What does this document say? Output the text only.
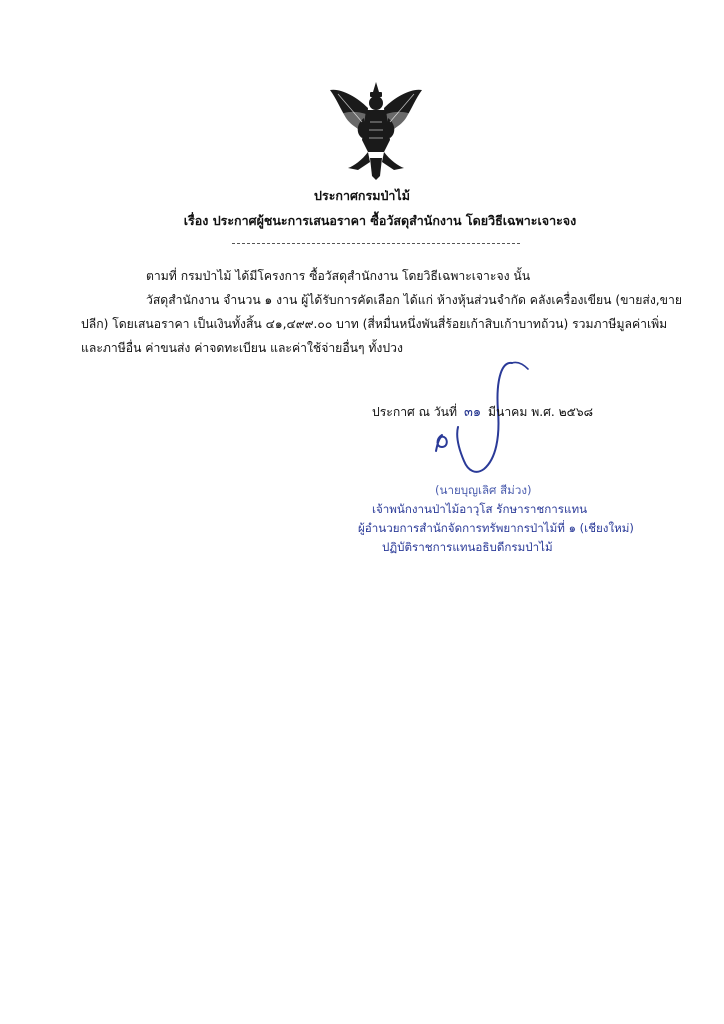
ประกาศกรมป่าไม้
เรื่อง ประกาศผู้ชนะการเสนอราคา ซื้อวัสดุสำนักงาน โดยวิธีเฉพาะเจาะจง
ตามที่ กรมป่าไม้ ได้มีโครงการ ซื้อวัสดุสำนักงาน โดยวิธีเฉพาะเจาะจง นั้น
วัสดุสำนักงาน จำนวน ๑ งาน ผู้ได้รับการคัดเลือก ได้แก่ ห้างหุ้นส่วนจำกัด คลังเครื่องเขียน (ขายส่ง,ขาย
ปลีก) โดยเสนอราคา เป็นเงินทั้งสิ้น ๔๑,๔๙๙.๐๐ บาท (สี่หมื่นหนึ่งพันสี่ร้อยเก้าสิบเก้าบาทถ้วน) รวมภาษีมูลค่าเพิ่ม
และภาษีอื่น ค่าขนส่ง ค่าจดทะเบียน และค่าใช้จ่ายอื่นๆ ทั้งปวง
ประกาศ ณ วันที่ ๓๑ มีนาคม พ.ศ. ๒๕๖๘
(นายบุญเลิศ สีม่วง)
เจ้าพนักงานป่าไม้อาวุโส รักษาราชการแทน
ผู้อำนวยการสำนักจัดการทรัพยากรป่าไม้ที่ ๑ (เชียงใหม่)
ปฏิบัติราชการแทนอธิบดีกรมป่าไม้
